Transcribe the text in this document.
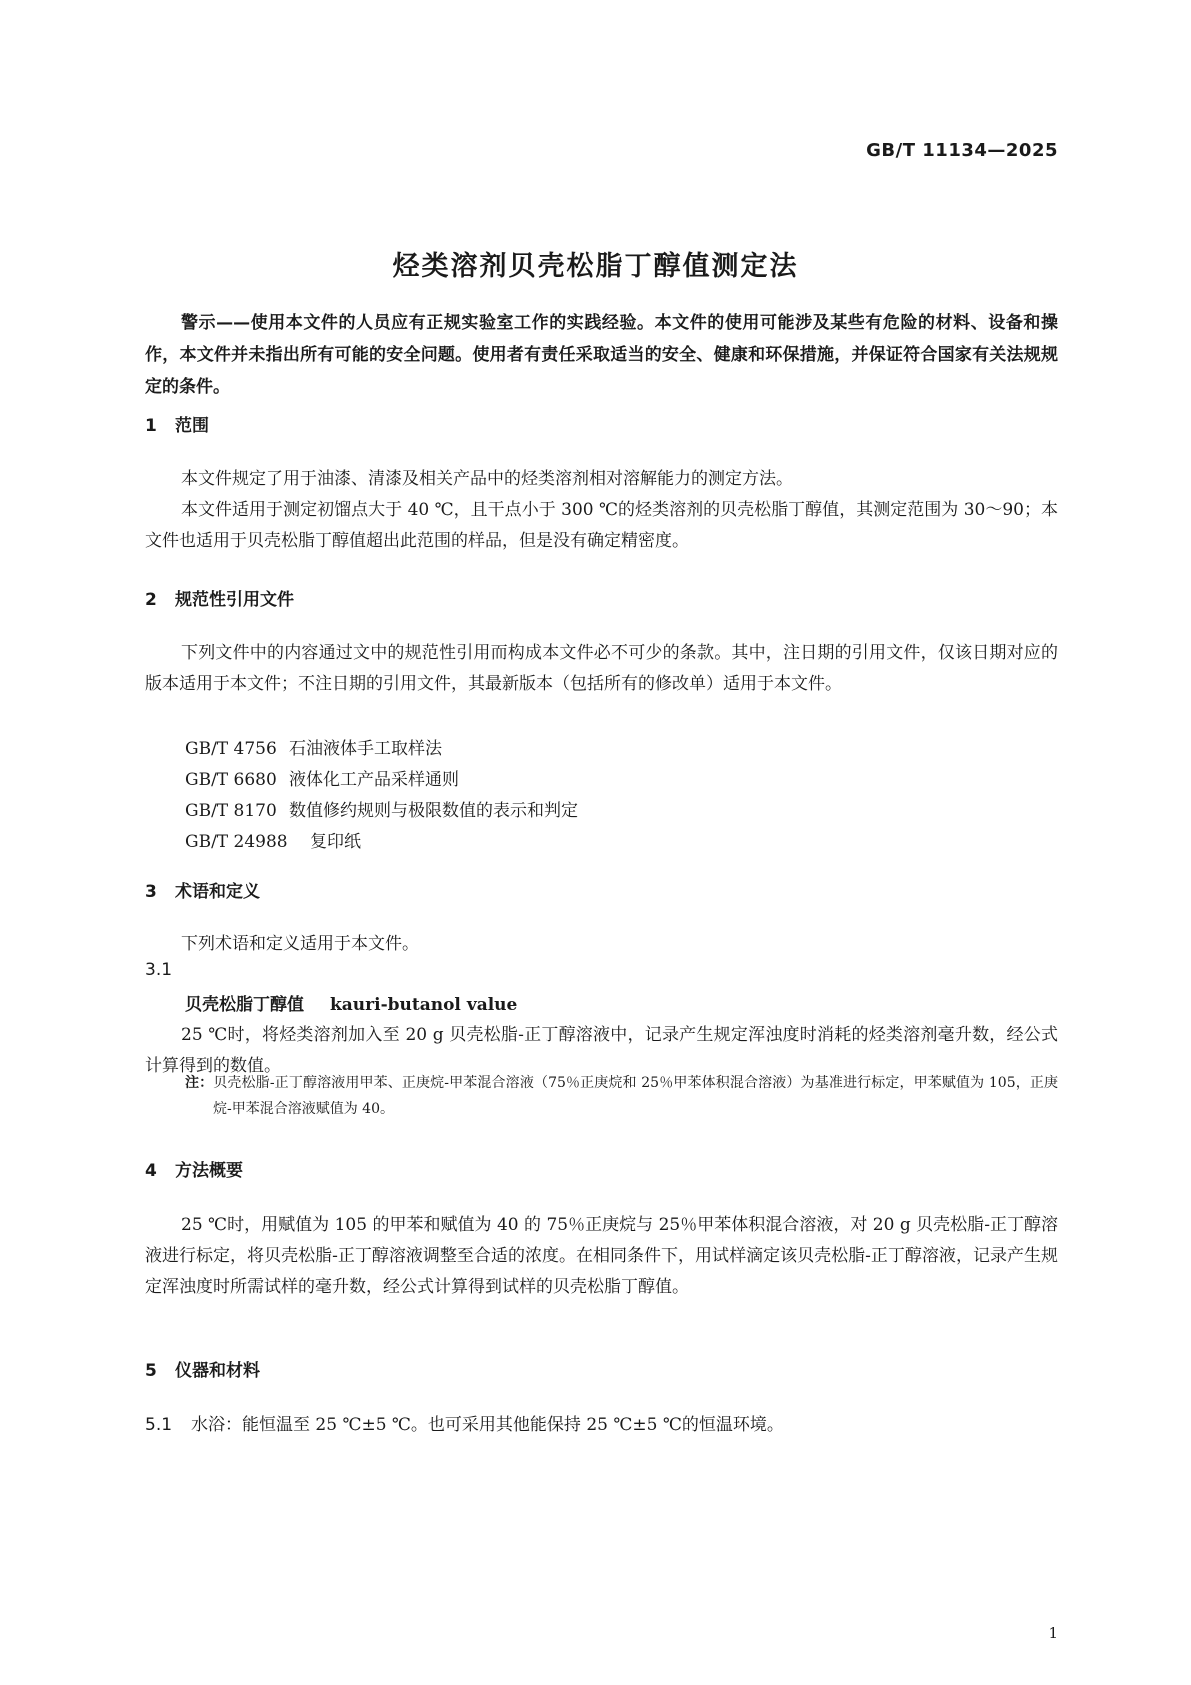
GB/T 11134—2025
烃类溶剂贝壳松脂丁醇值测定法
警示——使用本文件的人员应有正规实验室工作的实践经验。本文件的使用可能涉及某些有危险的材料、设备和操作，本文件并未指出所有可能的安全问题。使用者有责任采取适当的安全、健康和环保措施，并保证符合国家有关法规规定的条件。
1 范围
本文件规定了用于油漆、清漆及相关产品中的烃类溶剂相对溶解能力的测定方法。
本文件适用于测定初馏点大于 40 ℃，且干点小于 300 ℃的烃类溶剂的贝壳松脂丁醇值，其测定范围为 30～90；本文件也适用于贝壳松脂丁醇值超出此范围的样品，但是没有确定精密度。
2 规范性引用文件
下列文件中的内容通过文中的规范性引用而构成本文件必不可少的条款。其中，注日期的引用文件，仅该日期对应的版本适用于本文件；不注日期的引用文件，其最新版本（包括所有的修改单）适用于本文件。
GB/T 4756 石油液体手工取样法
GB/T 6680 液体化工产品采样通则
GB/T 8170 数值修约规则与极限数值的表示和判定
GB/T 24988 复印纸
3 术语和定义
下列术语和定义适用于本文件。
3.1
贝壳松脂丁醇值 kauri-butanol value
25 ℃时，将烃类溶剂加入至 20 g 贝壳松脂-正丁醇溶液中，记录产生规定浑浊度时消耗的烃类溶剂毫升数，经公式计算得到的数值。
注：贝壳松脂-正丁醇溶液用甲苯、正庚烷-甲苯混合溶液（75％正庚烷和 25％甲苯体积混合溶液）为基准进行标定，甲苯赋值为 105，正庚烷-甲苯混合溶液赋值为 40。
4 方法概要
25 ℃时，用赋值为 105 的甲苯和赋值为 40 的 75％正庚烷与 25％甲苯体积混合溶液，对 20 g 贝壳松脂-正丁醇溶液进行标定，将贝壳松脂-正丁醇溶液调整至合适的浓度。在相同条件下，用试样滴定该贝壳松脂-正丁醇溶液，记录产生规定浑浊度时所需试样的毫升数，经公式计算得到试样的贝壳松脂丁醇值。
5 仪器和材料
5.1 水浴：能恒温至 25 ℃±5 ℃。也可采用其他能保持 25 ℃±5 ℃的恒温环境。
1
